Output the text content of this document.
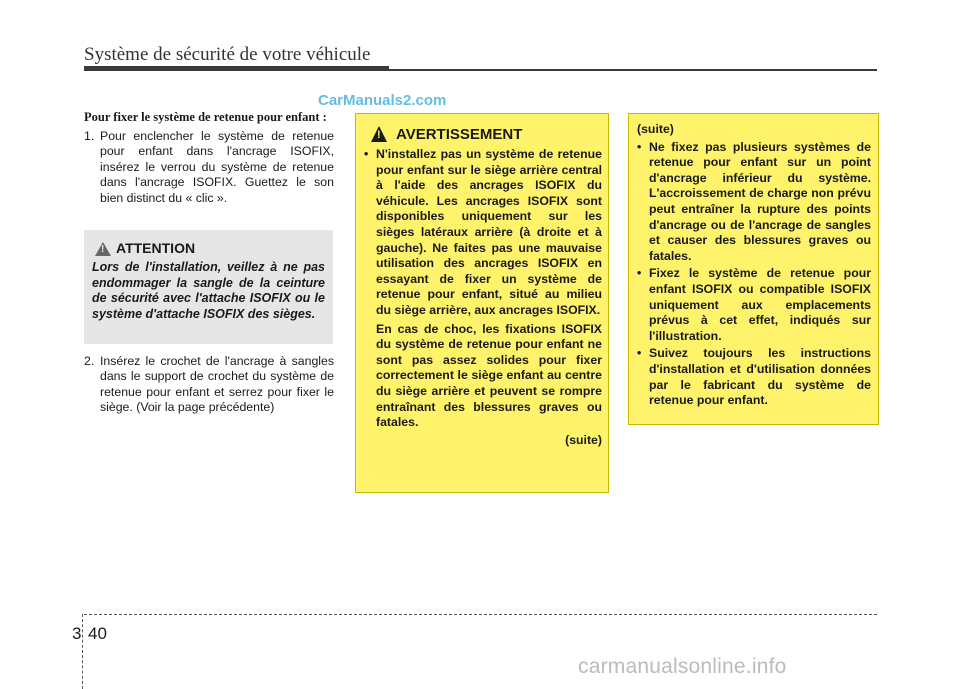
Système de sécurité de votre véhicule
CarManuals2.com

Pour fixer le système de retenue pour enfant :

1. Pour enclencher le système de retenue pour enfant dans l'ancrage ISOFIX, insérez le verrou du système de retenue dans l'ancrage ISOFIX. Guettez le son bien distinct du « clic ».
!
ATTENTION
Lors de l'installation, veillez à ne pas endommager la sangle de la ceinture de sécurité avec l'attache ISOFIX ou le système d'attache ISOFIX des sièges.
2. Insérez le crochet de l'ancrage à sangles dans le support de crochet du système de retenue pour enfant et serrez pour fixer le siège. (Voir la page précédente)
!
AVERTISSEMENT
• N'installez pas un système de retenue pour enfant sur le siège arrière central à l'aide des ancrages ISOFIX du véhicule. Les ancrages ISOFIX sont disponibles uniquement sur les sièges latéraux arrière (à droite et à gauche). Ne faites pas une mauvaise utilisation des ancrages ISOFIX en essayant de fixer un système de retenue pour enfant, situé au milieu du siège arrière, aux ancrages ISOFIX.
En cas de choc, les fixations ISOFIX du système de retenue pour enfant ne sont pas assez solides pour fixer correctement le siège enfant au centre du siège arrière et peuvent se rompre entraînant des blessures graves ou fatales.
(suite)
(suite)
• Ne fixez pas plusieurs systèmes de retenue pour enfant sur un point d'ancrage inférieur du système. L'accroissement de charge non prévu peut entraîner la rupture des points d'ancrage ou de l'ancrage de sangles et causer des blessures graves ou fatales.
• Fixez le système de retenue pour enfant ISOFIX ou compatible ISOFIX uniquement aux emplacements prévus à cet effet, indiqués sur l'illustration.
• Suivez toujours les instructions d'installation et d'utilisation données par le fabricant du système de retenue pour enfant.
3 40
carmanualsonline.info
